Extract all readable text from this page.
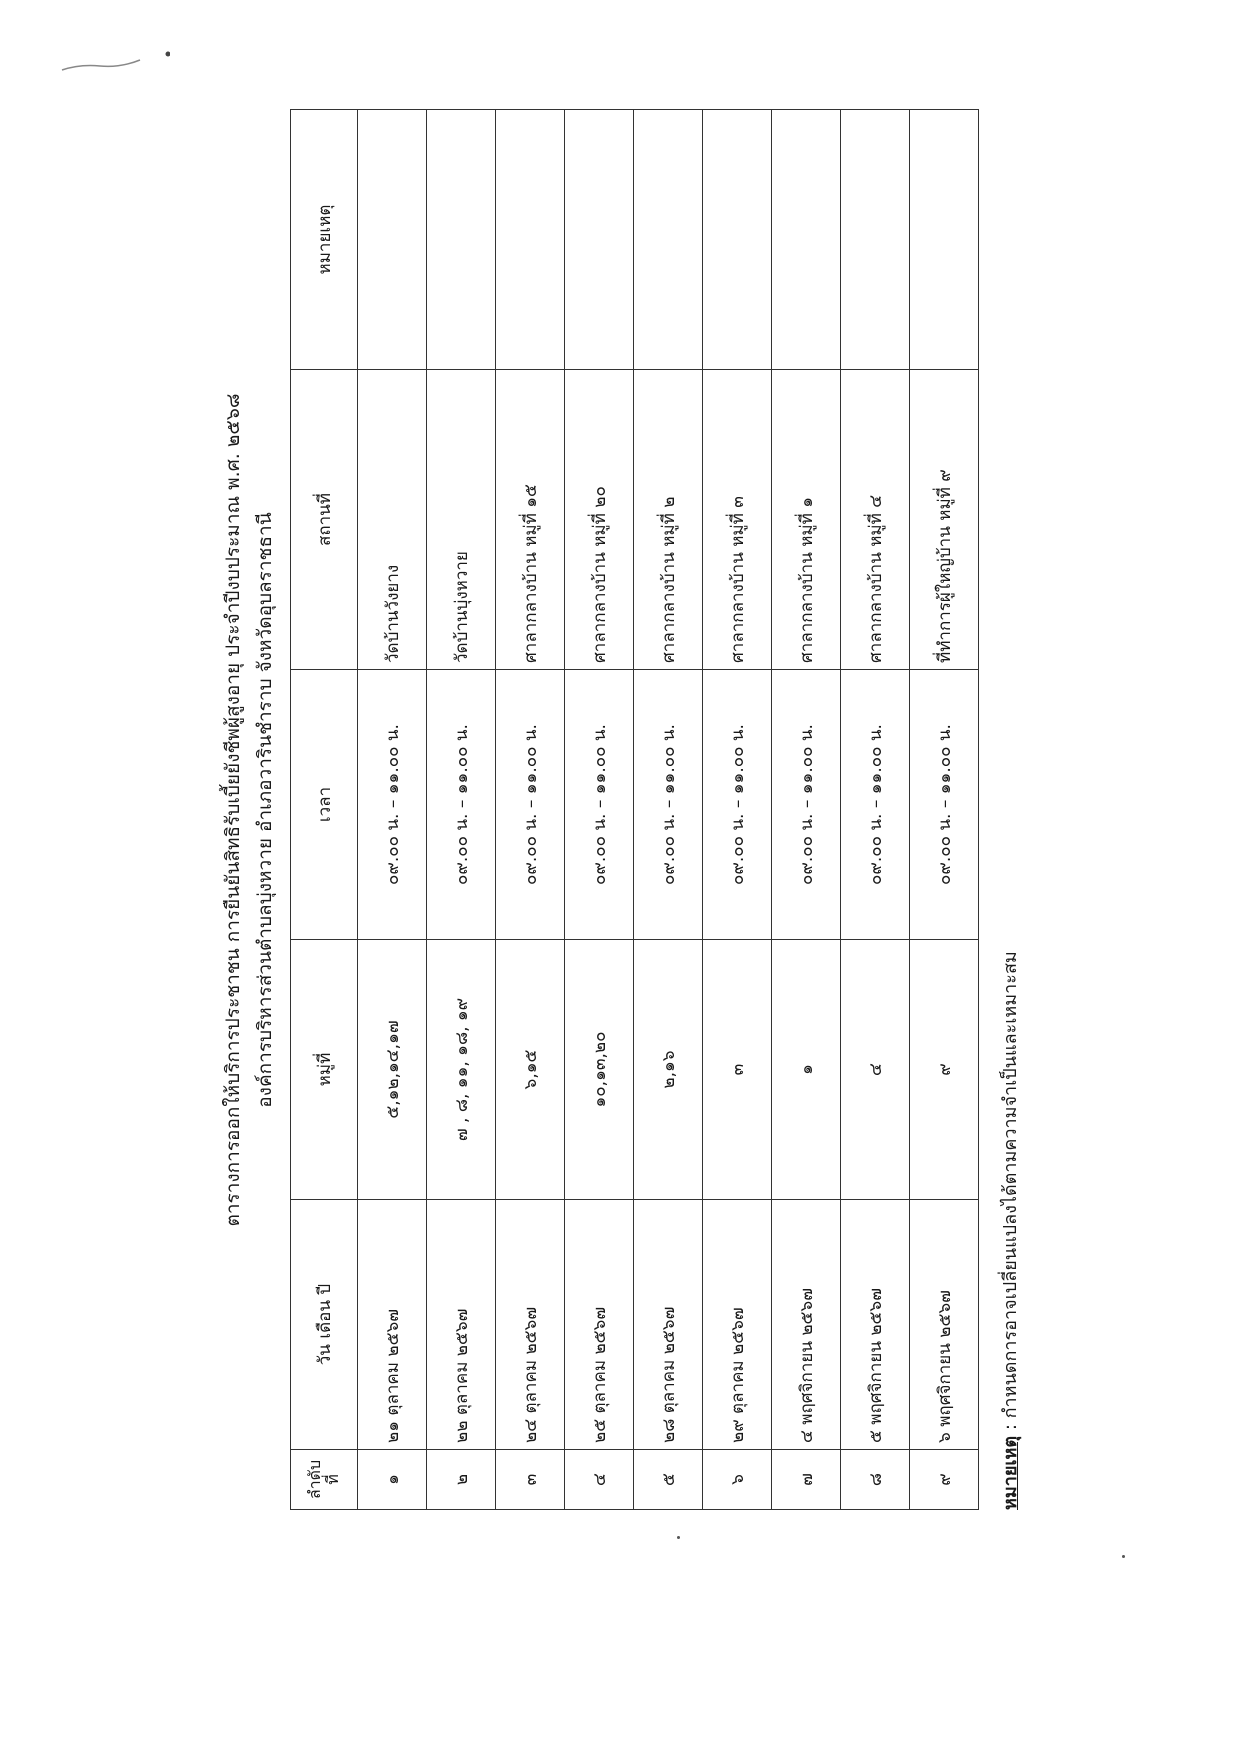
ตารางการออกให้บริการประชาชน การยืนยันสิทธิรับเบี้ยยังชีพผู้สูงอายุ ประจำปีงบประมาณ พ.ศ. ๒๕๖๘ องค์การบริหารส่วนตำบลบุ่งหวาย อำเภอวารินชำราบ จังหวัดอุบลราชธานี
ลำดับที่	วัน เดือน ปี	หมู่ที่	เวลา	สถานที่	หมายเหตุ
๑	๒๑ ตุลาคม ๒๕๖๗	๕,๑๒,๑๔,๑๗	๐๙.๐๐ น. – ๑๑.๐๐ น.	วัดบ้านวังยาง	
๒	๒๒ ตุลาคม ๒๕๖๗	๗ , ๘, ๑๑, ๑๘, ๑๙	๐๙.๐๐ น. – ๑๑.๐๐ น.	วัดบ้านบุ่งหวาย	
๓	๒๔ ตุลาคม ๒๕๖๗	๖,๑๕	๐๙.๐๐ น. – ๑๑.๐๐ น.	ศาลากลางบ้าน หมู่ที่ ๑๕	
๔	๒๕ ตุลาคม ๒๕๖๗	๑๐,๑๓,๒๐	๐๙.๐๐ น. – ๑๑.๐๐ น.	ศาลากลางบ้าน หมู่ที่ ๒๐	
๕	๒๘ ตุลาคม ๒๕๖๗	๒,๑๖	๐๙.๐๐ น. – ๑๑.๐๐ น.	ศาลากลางบ้าน หมู่ที่ ๒	
๖	๒๙ ตุลาคม ๒๕๖๗	๓	๐๙.๐๐ น. – ๑๑.๐๐ น.	ศาลากลางบ้าน หมู่ที่ ๓	
๗	๔ พฤศจิกายน ๒๕๖๗	๑	๐๙.๐๐ น. – ๑๑.๐๐ น.	ศาลากลางบ้าน หมู่ที่ ๑	
๘	๕ พฤศจิกายน ๒๕๖๗	๔	๐๙.๐๐ น. – ๑๑.๐๐ น.	ศาลากลางบ้าน หมู่ที่ ๔	
๙	๖ พฤศจิกายน ๒๕๖๗	๙	๐๙.๐๐ น. – ๑๑.๐๐ น.	ที่ทำการผู้ใหญ่บ้าน หมู่ที่ ๙	
หมายเหตุ : กำหนดการอาจเปลี่ยนแปลงได้ตามความจำเป็นและเหมาะสม
